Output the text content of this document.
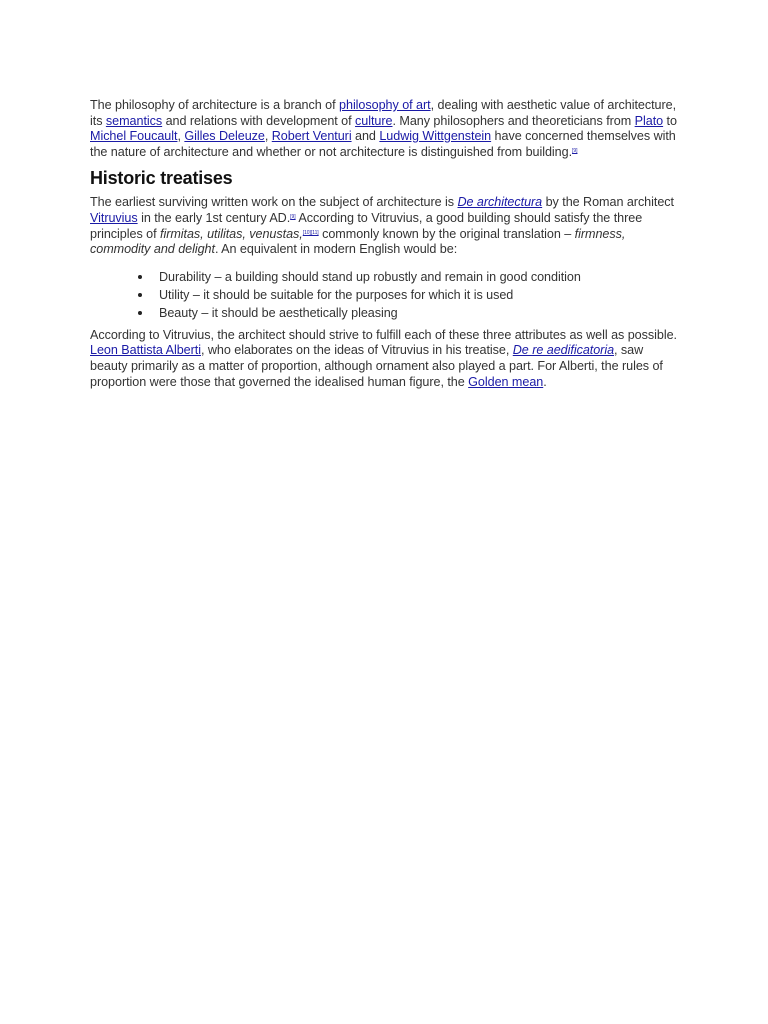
The philosophy of architecture is a branch of philosophy of art, dealing with aesthetic value of architecture, its semantics and relations with development of culture. Many philosophers and theoreticians from Plato to Michel Foucault, Gilles Deleuze, Robert Venturi and Ludwig Wittgenstein have concerned themselves with the nature of architecture and whether or not architecture is distinguished from building.[9]

Historic treatises

The earliest surviving written work on the subject of architecture is De architectura by the Roman architect Vitruvius in the early 1st century AD.[9] According to Vitruvius, a good building should satisfy the three principles of firmitas, utilitas, venustas,[10][11] commonly known by the original translation – firmness, commodity and delight. An equivalent in modern English would be:

Durability – a building should stand up robustly and remain in good condition
Utility – it should be suitable for the purposes for which it is used
Beauty – it should be aesthetically pleasing

According to Vitruvius, the architect should strive to fulfill each of these three attributes as well as possible. Leon Battista Alberti, who elaborates on the ideas of Vitruvius in his treatise, De re aedificatoria, saw beauty primarily as a matter of proportion, although ornament also played a part. For Alberti, the rules of proportion were those that governed the idealised human figure, the Golden mean.
